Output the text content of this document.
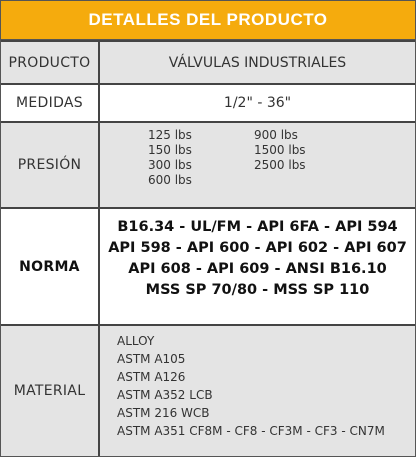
DETALLES DEL PRODUCTO
PRODUCTO	VÁLVULAS INDUSTRIALES
MEDIDAS	1/2" - 36"
PRESIÓN
125 lbs
150 lbs
300 lbs
600 lbs
900 lbs
1500 lbs
2500 lbs
NORMA
B16.34 - UL/FM - API 6FA - API 594
API 598 - API 600 - API 602 - API 607
API 608 - API 609 - ANSI B16.10
MSS SP 70/80 - MSS SP 110
MATERIAL
ALLOY
ASTM A105
ASTM A126
ASTM A352 LCB
ASTM 216 WCB
ASTM A351 CF8M - CF8 - CF3M - CF3 - CN7M
